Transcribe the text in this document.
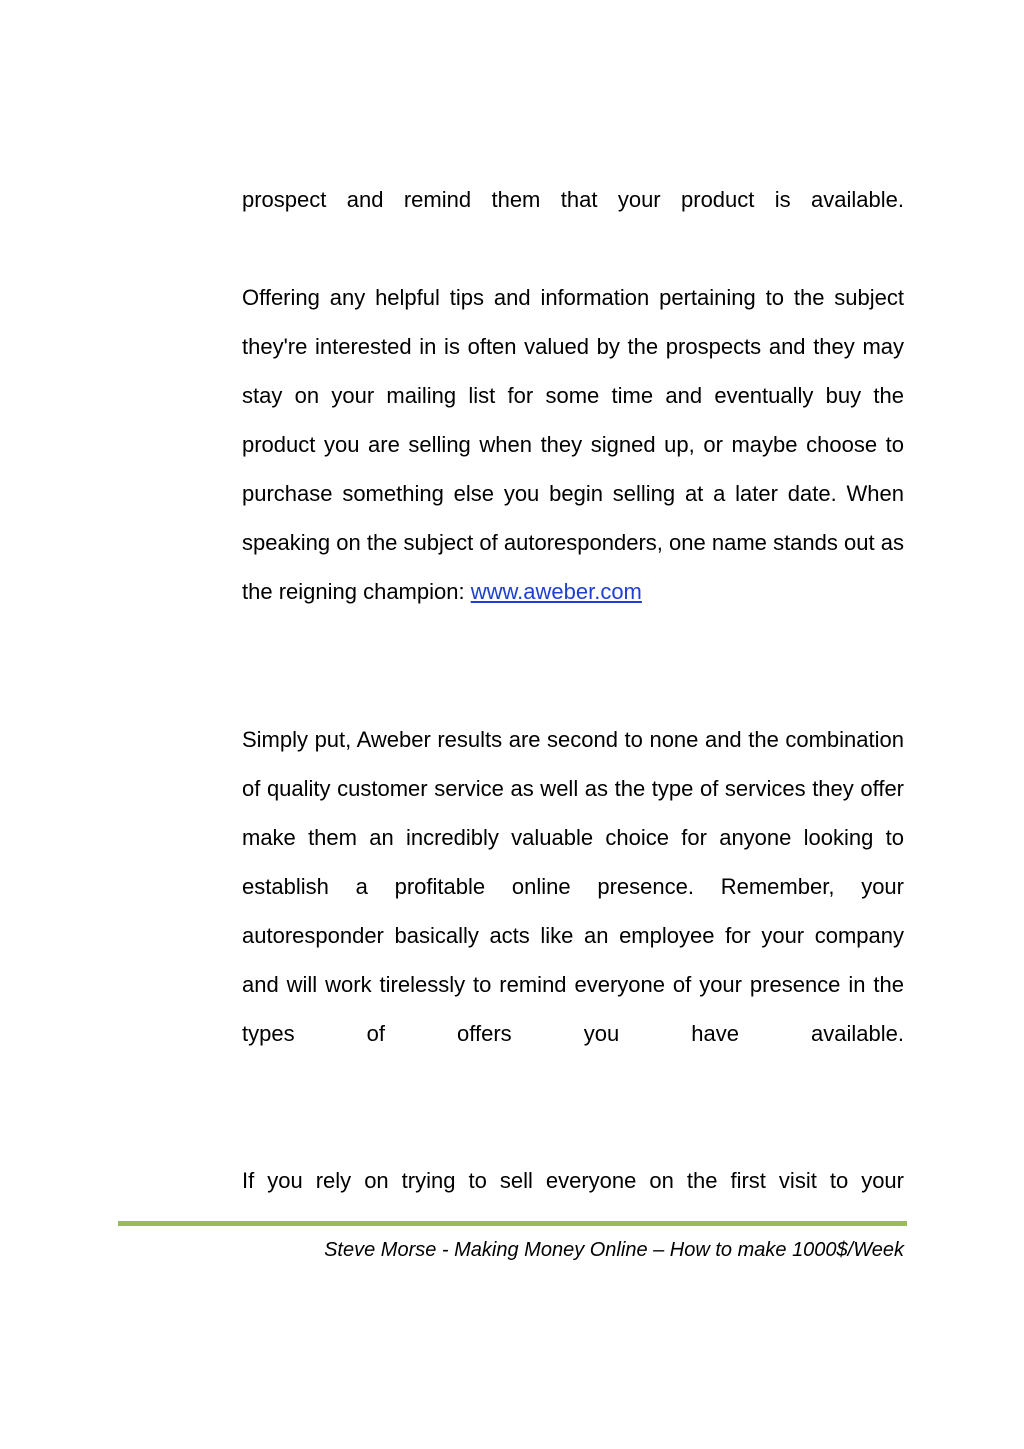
prospect and remind them that your product is available.
Offering any helpful tips and information pertaining to the subject they're interested in is often valued by the prospects and they may stay on your mailing list for some time and eventually buy the product you are selling when they signed up, or maybe choose to purchase something else you begin selling at a later date. When speaking on the subject of autoresponders, one name stands out as the reigning champion: www.aweber.com
Simply put, Aweber results are second to none and the combination of quality customer service as well as the type of services they offer make them an incredibly valuable choice for anyone looking to establish a profitable online presence. Remember, your autoresponder basically acts like an employee for your company and will work tirelessly to remind everyone of your presence in the types of offers you have available.
If you rely on trying to sell everyone on the first visit to your
Steve Morse - Making Money Online – How to make 1000$/Week
